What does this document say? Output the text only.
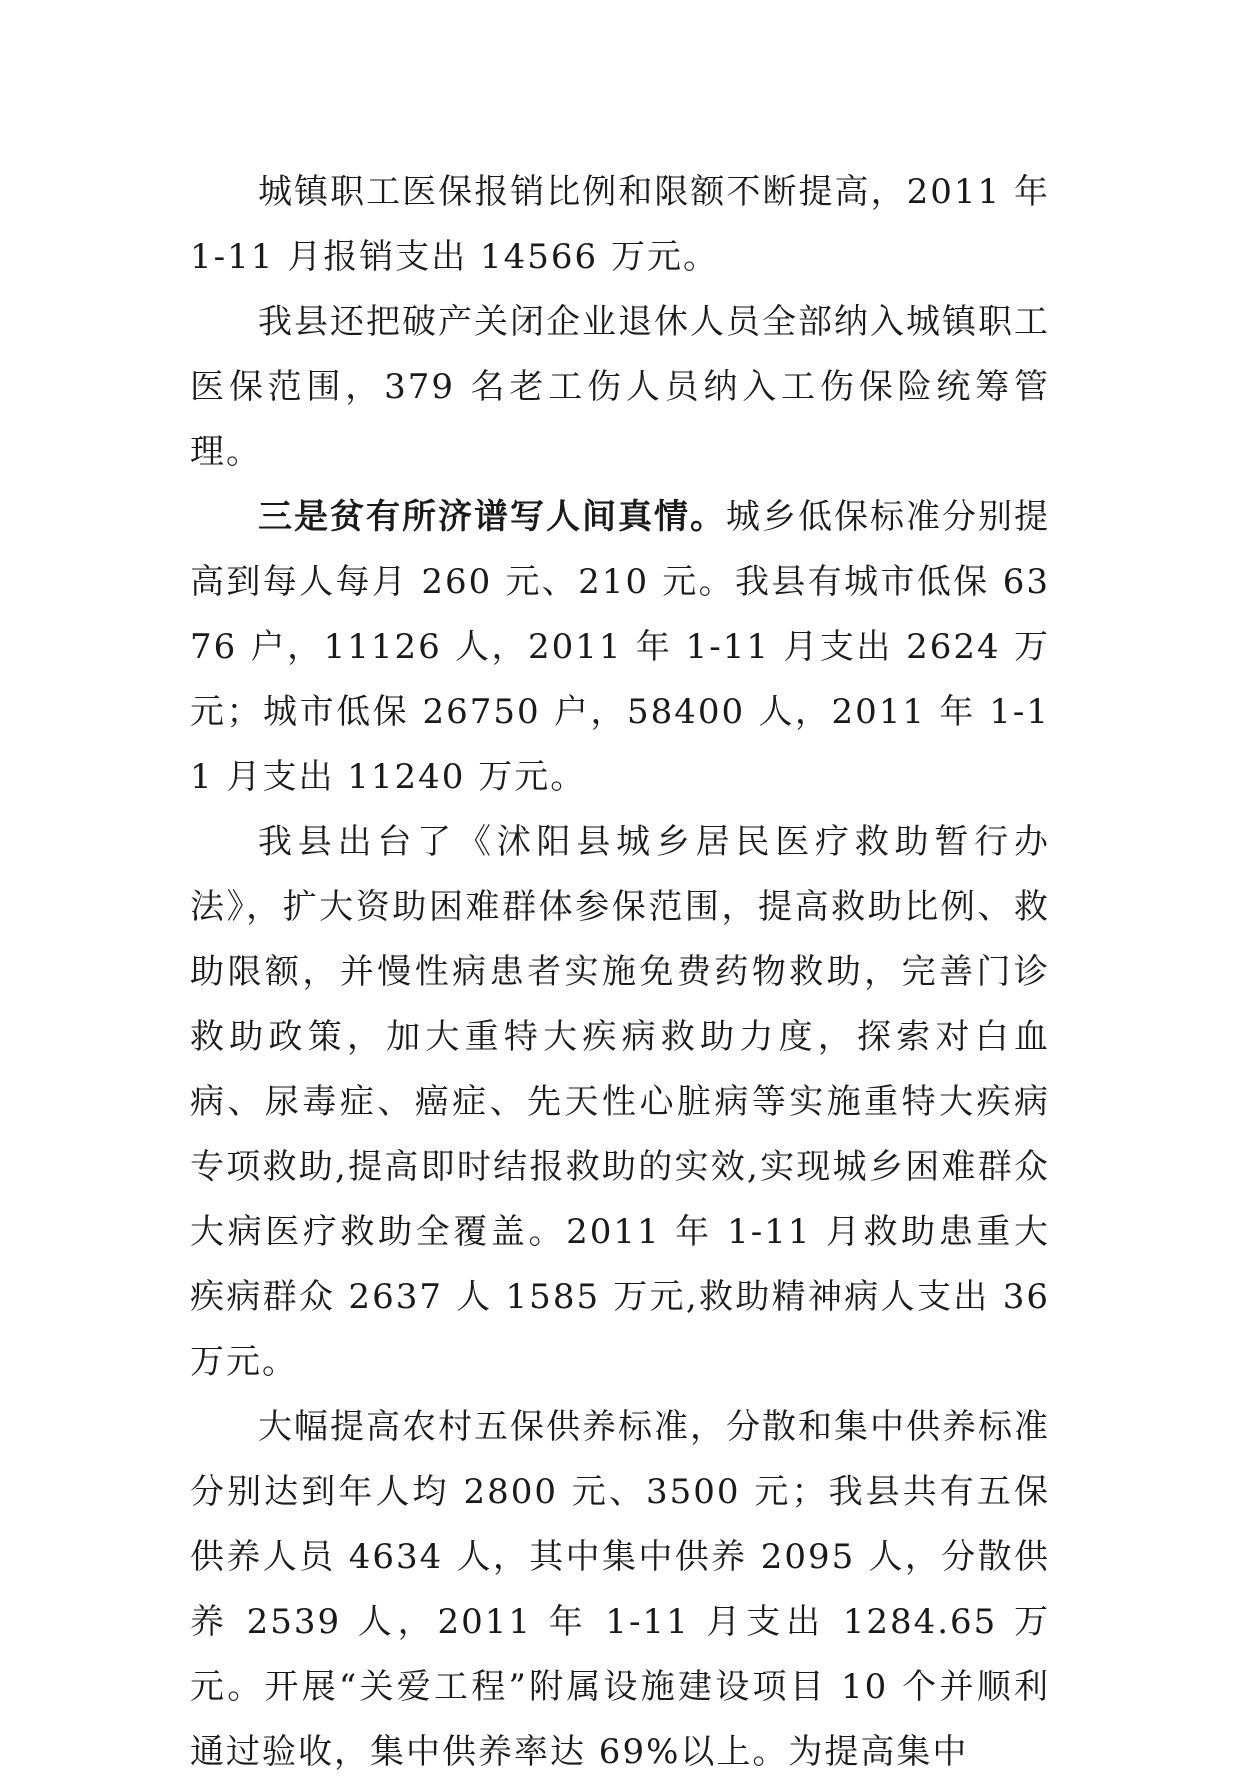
城镇职工医保报销比例和限额不断提高，2011 年 1-11 月报销支出 14566 万元。

我县还把破产关闭企业退休人员全部纳入城镇职工医保范围，379 名老工伤人员纳入工伤保险统筹管理。

三是贫有所济谱写人间真情。城乡低保标准分别提高到每人每月 260 元、210 元。我县有城市低保 6376 户，11126 人，2011 年 1-11 月支出 2624 万元；城市低保 26750 户，58400 人，2011 年 1-11 月支出 11240 万元。

我县出台了《沭阳县城乡居民医疗救助暂行办法》，扩大资助困难群体参保范围，提高救助比例、救助限额，并慢性病患者实施免费药物救助，完善门诊救助政策，加大重特大疾病救助力度，探索对白血病、尿毒症、癌症、先天性心脏病等实施重特大疾病专项救助,提高即时结报救助的实效,实现城乡困难群众大病医疗救助全覆盖。2011 年 1-11 月救助患重大疾病群众 2637 人 1585 万元,救助精神病人支出 36 万元。

大幅提高农村五保供养标准，分散和集中供养标准分别达到年人均 2800 元、3500 元；我县共有五保供养人员 4634 人，其中集中供养 2095 人，分散供养 2539 人，2011 年 1-11 月支出 1284.65 万元。开展“关爱工程”附属设施建设项目 10 个并顺利通过验收，集中供养率达 69%以上。为提高集中
